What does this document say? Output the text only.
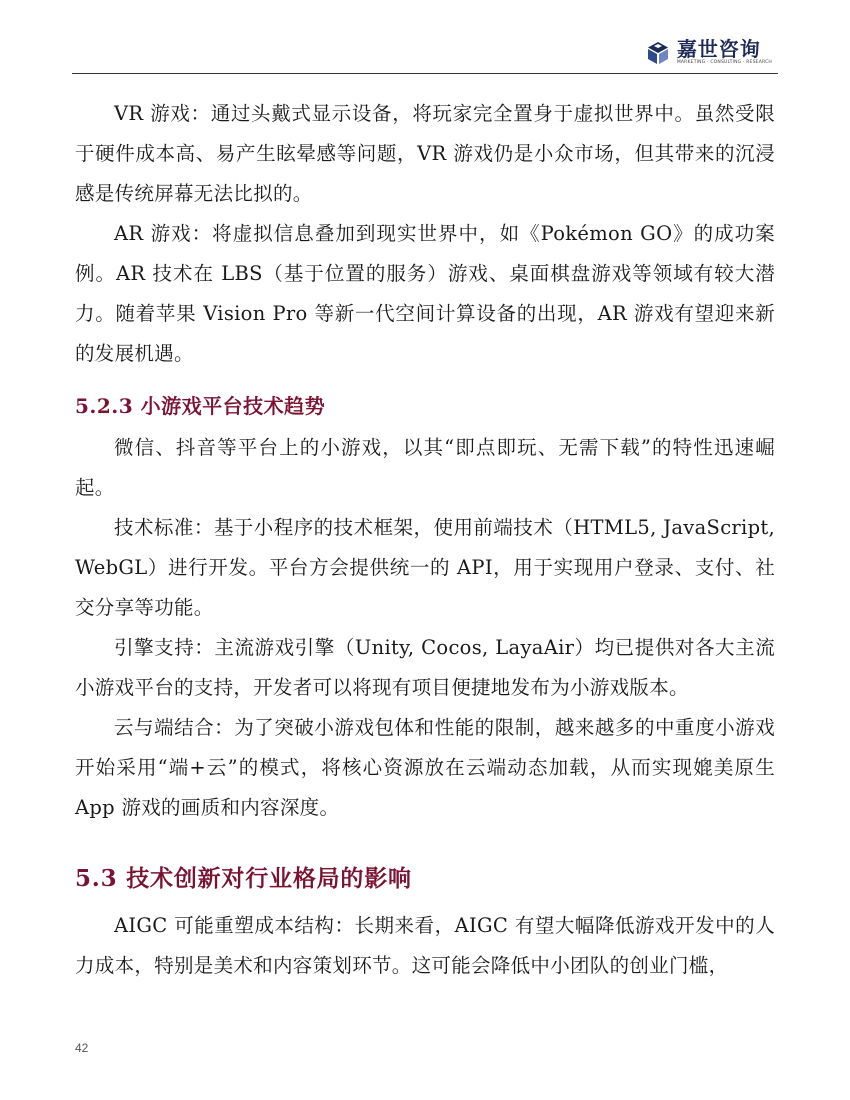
嘉世咨询
MARKETING · CONSULTING · RESEARCH

VR 游戏：通过头戴式显示设备，将玩家完全置身于虚拟世界中。虽然受限于硬件成本高、易产生眩晕感等问题，VR 游戏仍是小众市场，但其带来的沉浸感是传统屏幕无法比拟的。

AR 游戏：将虚拟信息叠加到现实世界中，如《Pokémon GO》的成功案例。AR 技术在 LBS（基于位置的服务）游戏、桌面棋盘游戏等领域有较大潜力。随着苹果 Vision Pro 等新一代空间计算设备的出现，AR 游戏有望迎来新的发展机遇。

5.2.3 小游戏平台技术趋势

微信、抖音等平台上的小游戏，以其“即点即玩、无需下载”的特性迅速崛起。

技术标准：基于小程序的技术框架，使用前端技术（HTML5, JavaScript, WebGL）进行开发。平台方会提供统一的 API，用于实现用户登录、支付、社交分享等功能。

引擎支持：主流游戏引擎（Unity, Cocos, LayaAir）均已提供对各大主流小游戏平台的支持，开发者可以将现有项目便捷地发布为小游戏版本。

云与端结合：为了突破小游戏包体和性能的限制，越来越多的中重度小游戏开始采用“端+云”的模式，将核心资源放在云端动态加载，从而实现媲美原生 App 游戏的画质和内容深度。

5.3 技术创新对行业格局的影响

AIGC 可能重塑成本结构：长期来看，AIGC 有望大幅降低游戏开发中的人力成本，特别是美术和内容策划环节。这可能会降低中小团队的创业门槛，

42
